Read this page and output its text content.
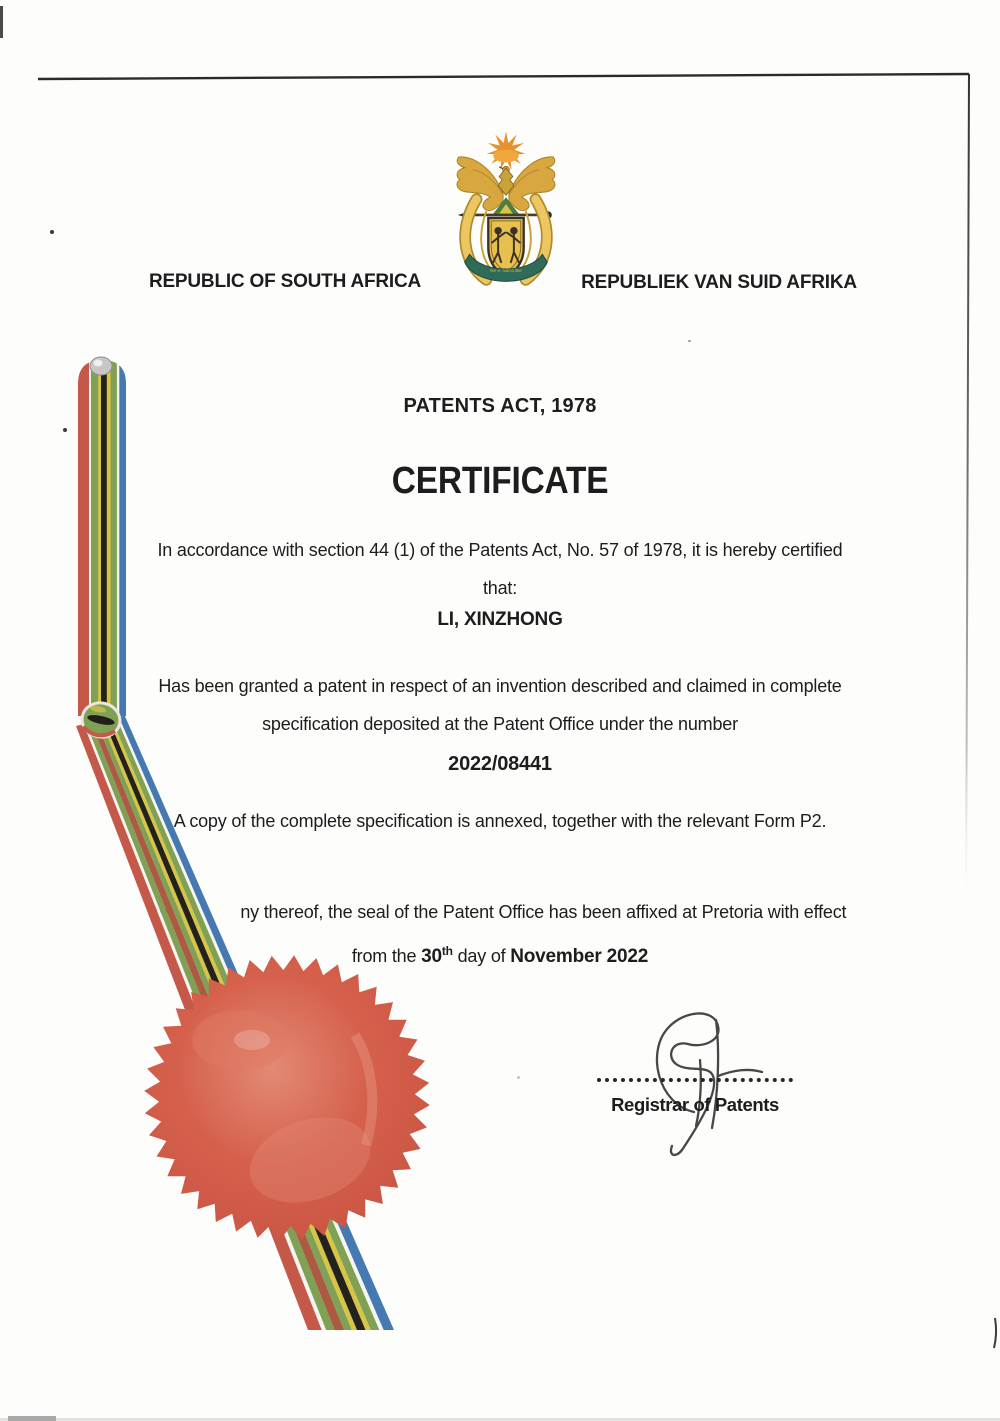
ǃke e: ǀxarra ǁke
REPUBLIC OF SOUTH AFRICA	REPUBLIEK VAN SUID AFRIKA
PATENTS ACT, 1978
CERTIFICATE
In accordance with section 44 (1) of the Patents Act, No. 57 of 1978, it is hereby certified
that:
LI, XINZHONG
Has been granted a patent in respect of an invention described and claimed in complete
specification deposited at the Patent Office under the number
2022/08441
A copy of the complete specification is annexed, together with the relevant Form P2.
ny thereof, the seal of the Patent Office has been affixed at Pretoria with effect
from the 30th day of November 2022
Registrar of Patents
